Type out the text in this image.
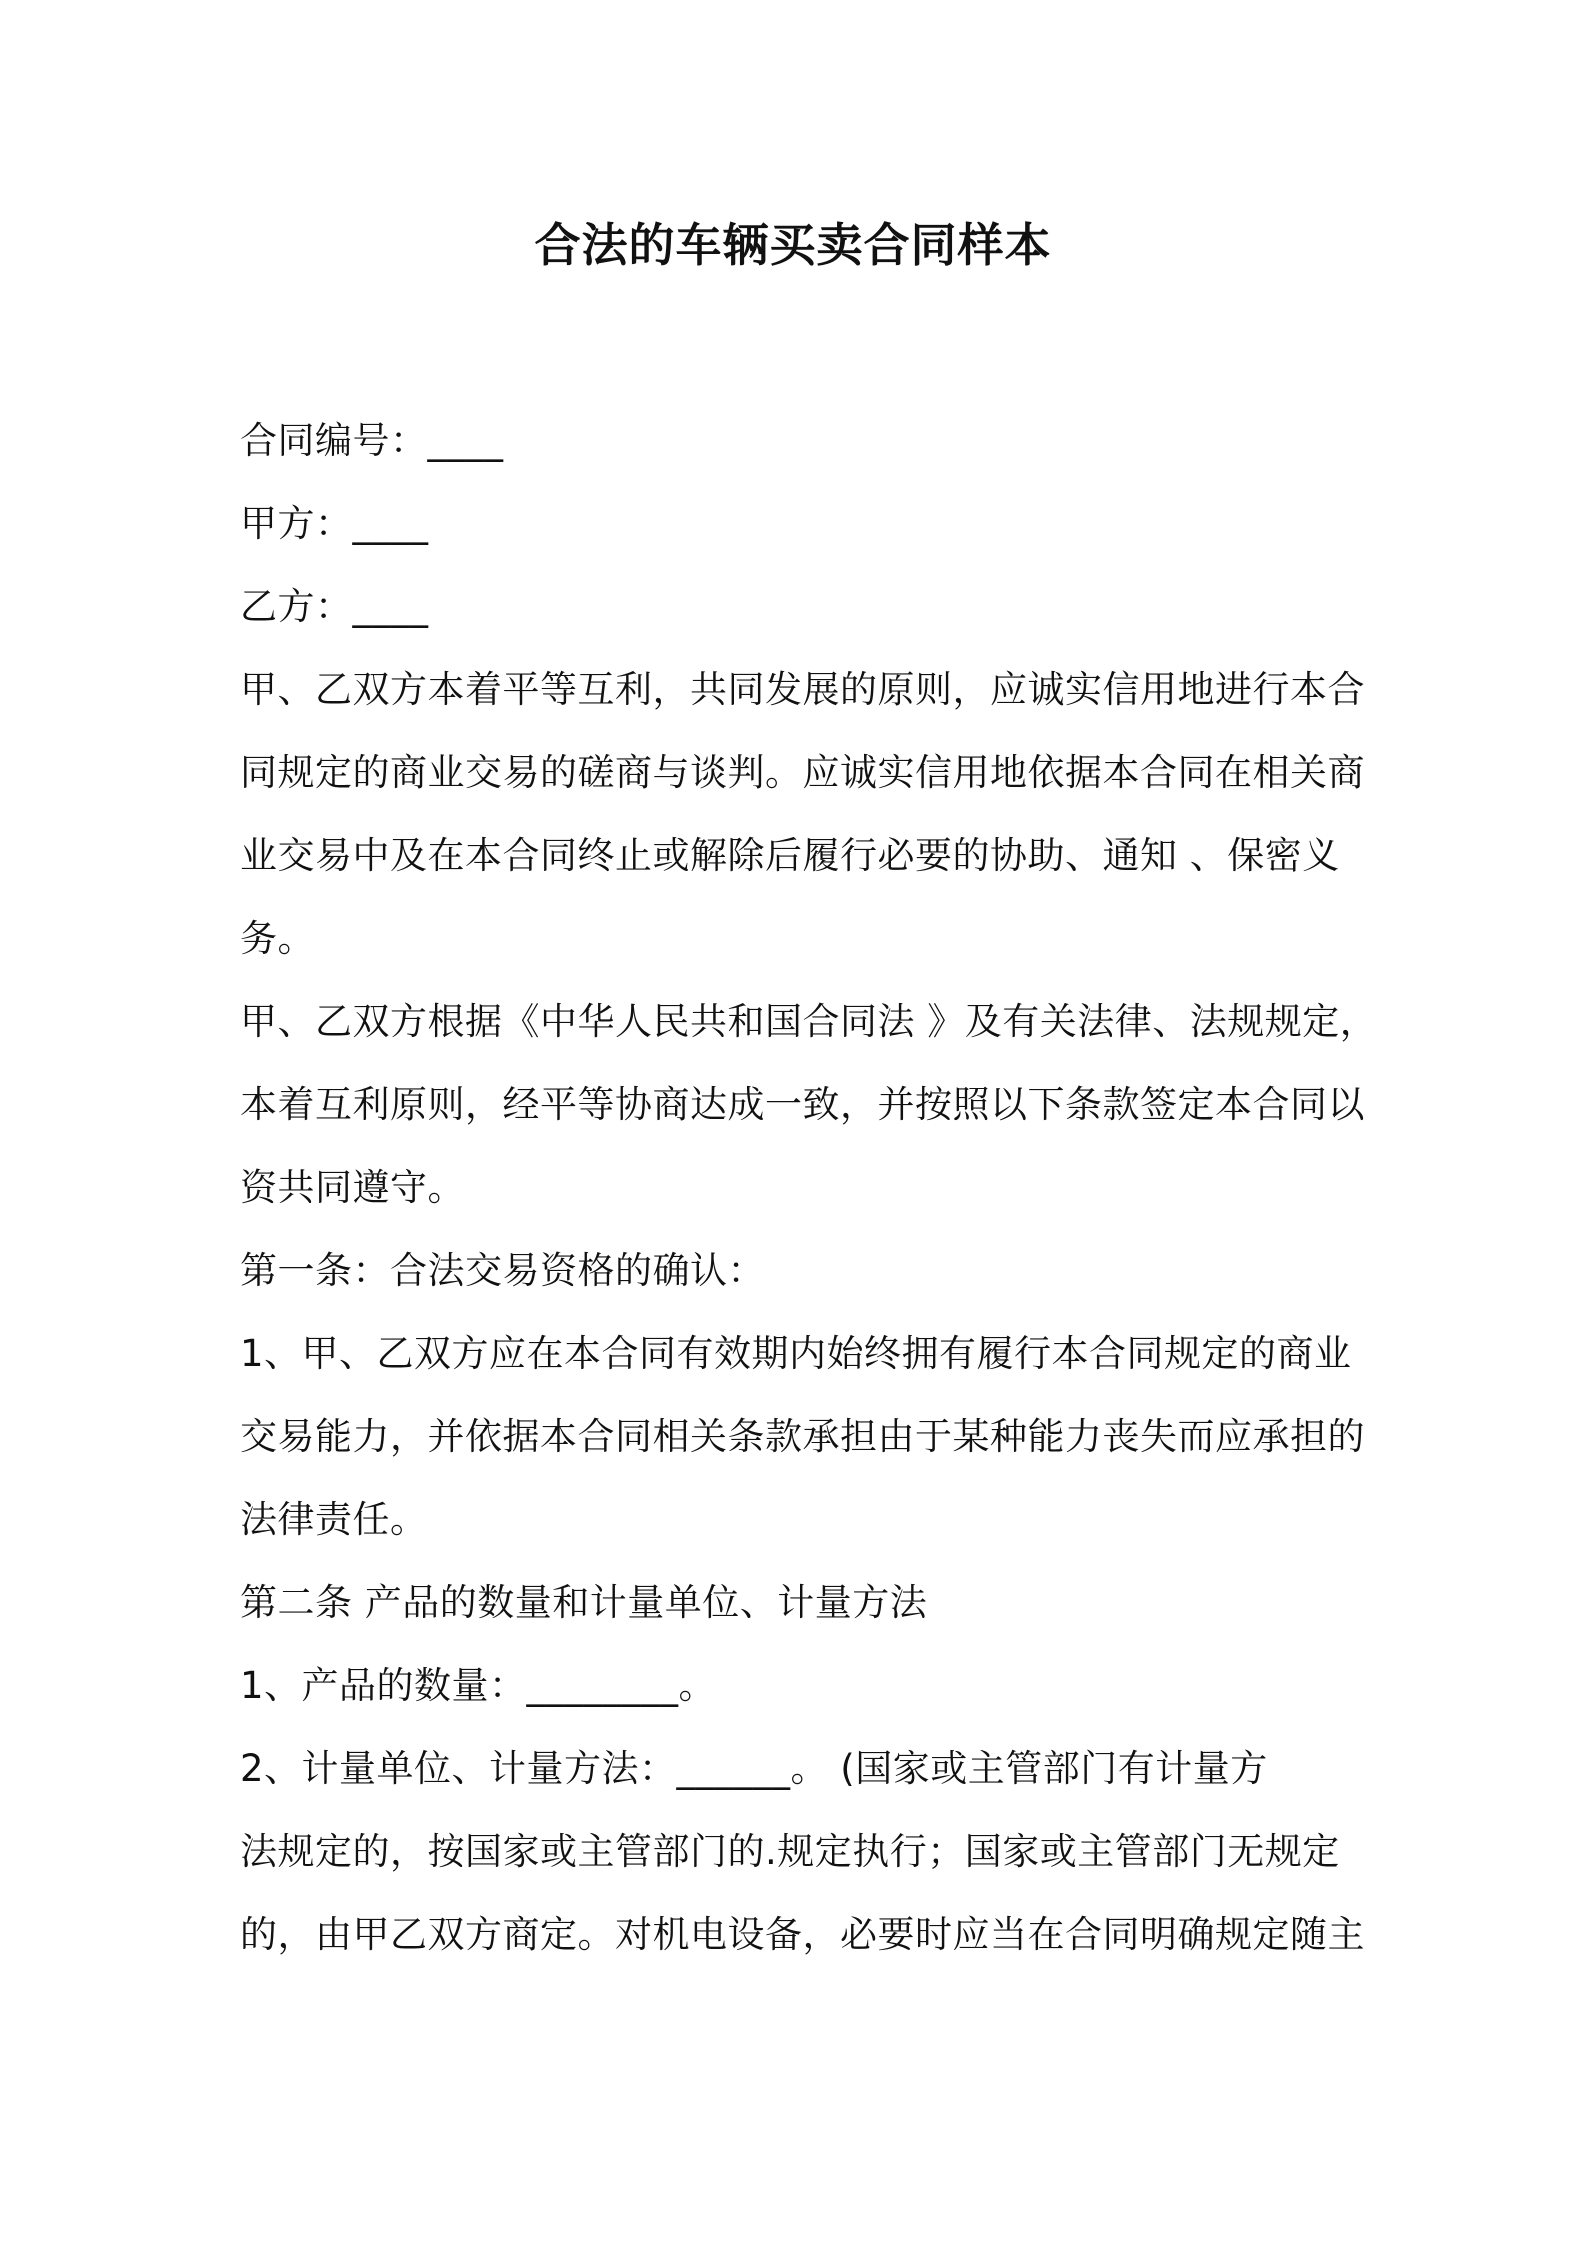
合法的车辆买卖合同样本
合同编号：____
甲方：____
乙方：____
甲、乙双方本着平等互利，共同发展的原则，应诚实信用地进行本合
同规定的商业交易的磋商与谈判。应诚实信用地依据本合同在相关商
业交易中及在本合同终止或解除后履行必要的协助、通知 、保密义
务。
甲、乙双方根据《中华人民共和国合同法 》及有关法律、法规规定，
本着互利原则，经平等协商达成一致，并按照以下条款签定本合同以
资共同遵守。
第一条：合法交易资格的确认：
1、甲、乙双方应在本合同有效期内始终拥有履行本合同规定的商业
交易能力，并依据本合同相关条款承担由于某种能力丧失而应承担的
法律责任。
第二条 产品的数量和计量单位、计量方法
1、产品的数量：________。
2、计量单位、计量方法：______。 (国家或主管部门有计量方
法规定的，按国家或主管部门的.规定执行；国家或主管部门无规定
的，由甲乙双方商定。对机电设备，必要时应当在合同明确规定随主
